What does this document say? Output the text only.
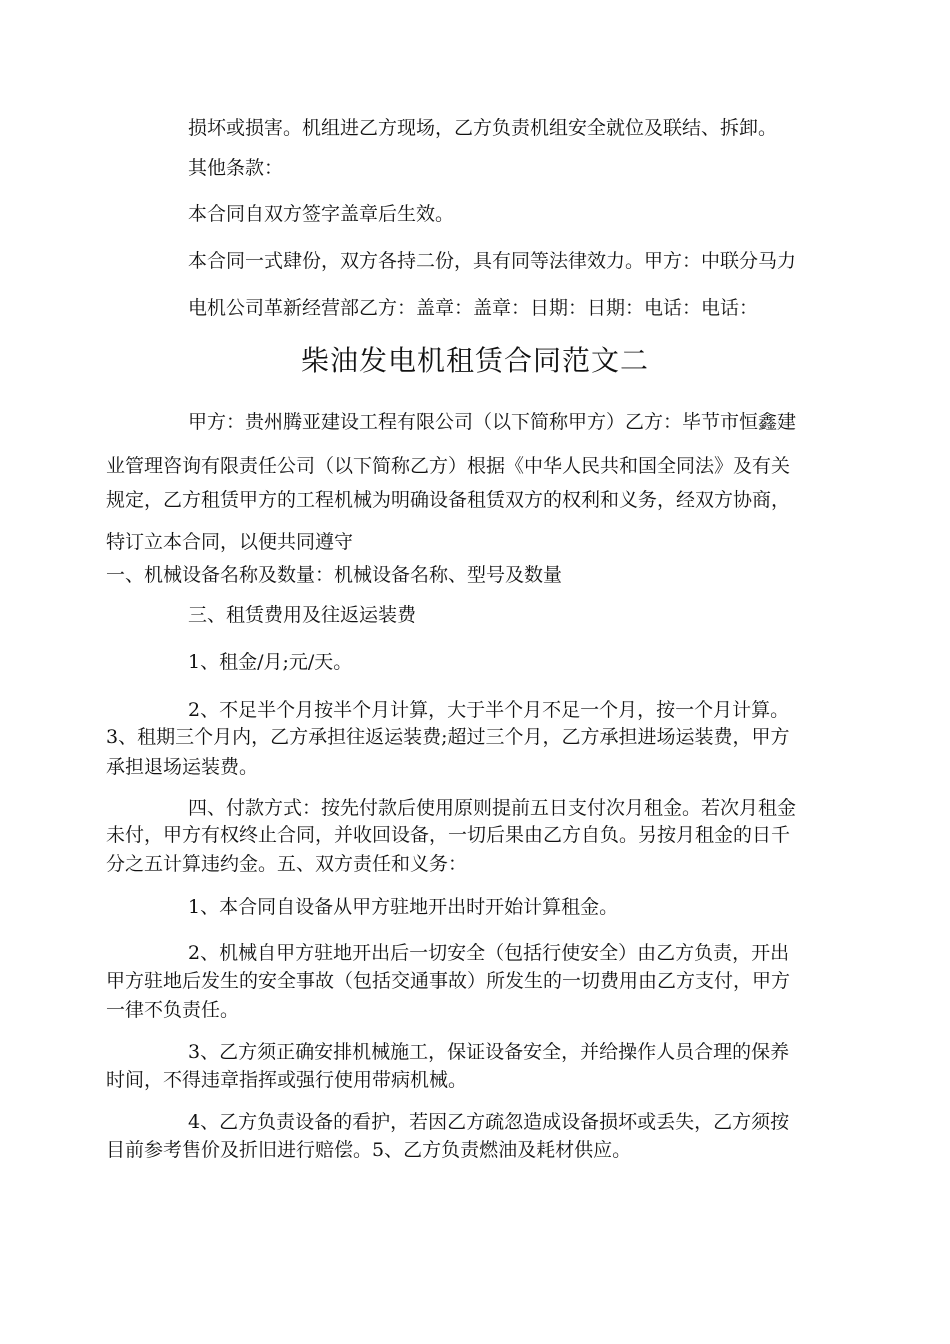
损坏或损害。机组进乙方现场，乙方负责机组安全就位及联结、拆卸。
其他条款：
本合同自双方签字盖章后生效。
本合同一式肆份，双方各持二份，具有同等法律效力。甲方：中联分马力
电机公司革新经营部乙方：盖章：盖章：日期：日期：电话：电话：
柴油发电机租赁合同范文二
甲方：贵州腾亚建设工程有限公司（以下简称甲方）乙方：毕节市恒鑫建
业管理咨询有限责任公司（以下简称乙方）根据《中华人民共和国全同法》及有关
规定，乙方租赁甲方的工程机械为明确设备租赁双方的权利和义务，经双方协商，
特订立本合同，以便共同遵守
一、机械设备名称及数量：机械设备名称、型号及数量
三、租赁费用及往返运装费
1、租金/月;元/天。
2、不足半个月按半个月计算，大于半个月不足一个月，按一个月计算。
3、租期三个月内，乙方承担往返运装费;超过三个月，乙方承担进场运装费，甲方
承担退场运装费。
四、付款方式：按先付款后使用原则提前五日支付次月租金。若次月租金
未付，甲方有权终止合同，并收回设备，一切后果由乙方自负。另按月租金的日千
分之五计算违约金。五、双方责任和义务：
1、本合同自设备从甲方驻地开出时开始计算租金。
2、机械自甲方驻地开出后一切安全（包括行使安全）由乙方负责，开出
甲方驻地后发生的安全事故（包括交通事故）所发生的一切费用由乙方支付，甲方
一律不负责任。
3、乙方须正确安排机械施工，保证设备安全，并给操作人员合理的保养
时间，不得违章指挥或强行使用带病机械。
4、乙方负责设备的看护，若因乙方疏忽造成设备损坏或丢失，乙方须按
目前参考售价及折旧进行赔偿。5、乙方负责燃油及耗材供应。
